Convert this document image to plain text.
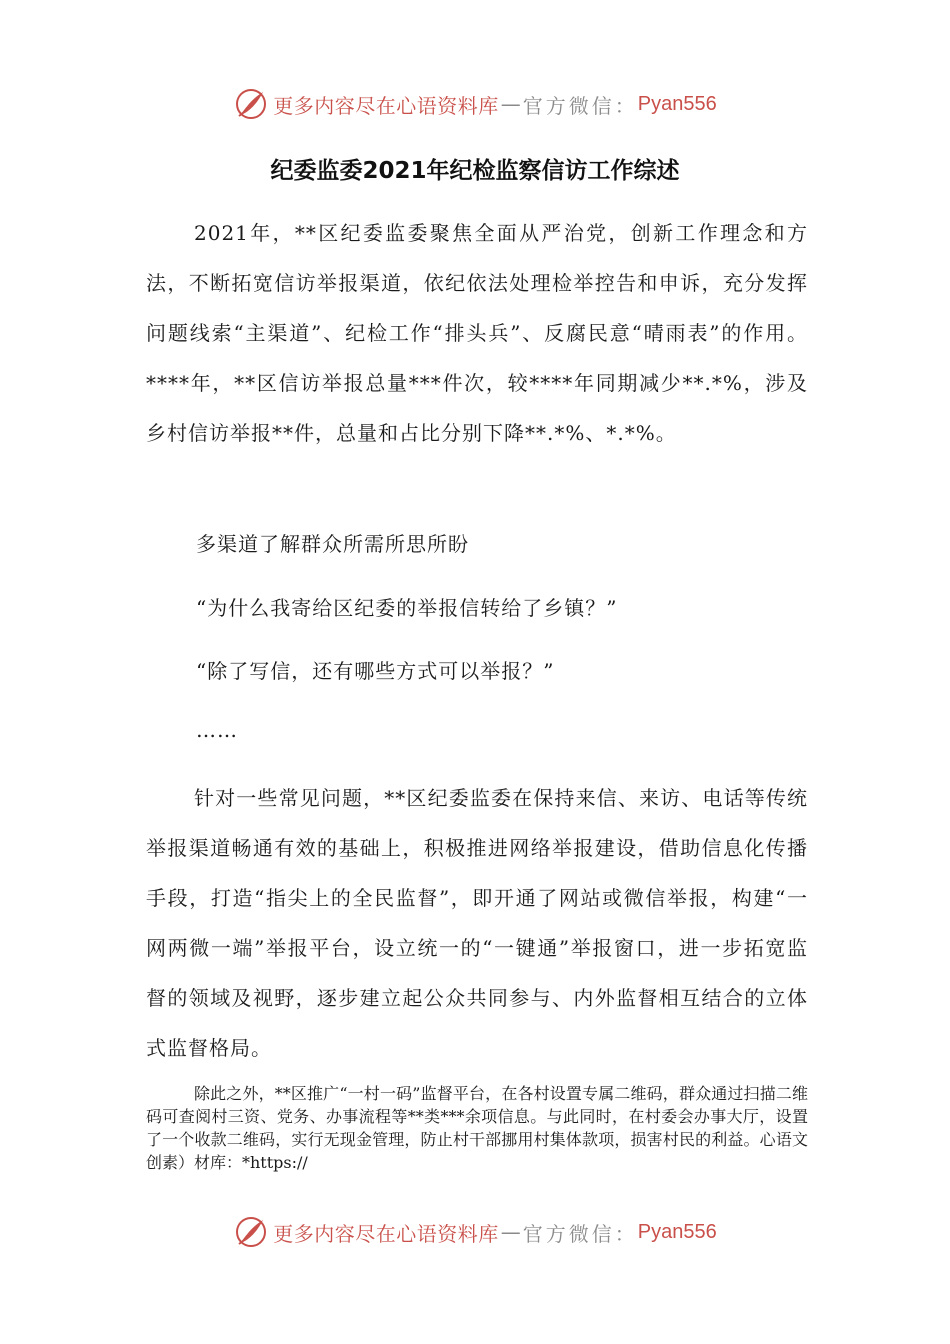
更多内容尽在心语资料库 — 官方微信： Pyan556
纪委监委2021年纪检监察信访工作综述

2021年，**区纪委监委聚焦全面从严治党，创新工作理念和方法，不断拓宽信访举报渠道，依纪依法处理检举控告和申诉，充分发挥问题线索“主渠道”、纪检工作“排头兵”、反腐民意“晴雨表”的作用。****年，**区信访举报总量***件次，较****年同期减少**.*%，涉及乡村信访举报**件，总量和占比分别下降**.*%、*.*%。

多渠道了解群众所需所思所盼
“为什么我寄给区纪委的举报信转给了乡镇？”
“除了写信，还有哪些方式可以举报？”
……

针对一些常见问题，**区纪委监委在保持来信、来访、电话等传统举报渠道畅通有效的基础上，积极推进网络举报建设，借助信息化传播手段，打造“指尖上的全民监督”，即开通了网站或微信举报，构建“一网两微一端”举报平台，设立统一的“一键通”举报窗口，进一步拓宽监督的领域及视野，逐步建立起公众共同参与、内外监督相互结合的立体式监督格局。

除此之外，**区推广“一村一码”监督平台，在各村设置专属二维码，群众通过扫描二维码可查阅村三资、党务、办事流程等**类***余项信息。与此同时，在村委会办事大厅，设置了一个收款二维码，实行无现金管理，防止村干部挪用村集体款项，损害村民的利益。心语文创素）材库：*https://

更多内容尽在心语资料库 — 官方微信： Pyan556
